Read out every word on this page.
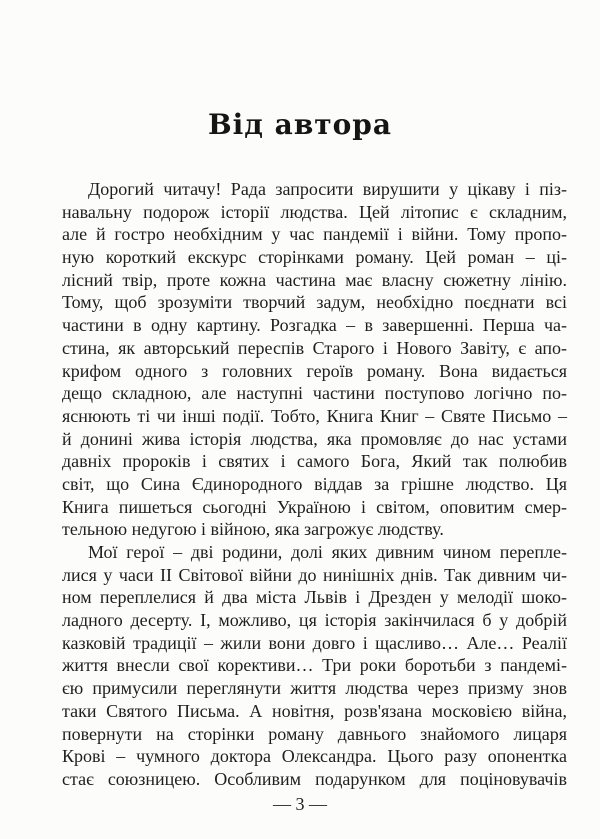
Від автора
Дорогий читачу! Рада запросити вирушити у цікаву і піз-
навальну подорож історії людства. Цей літопис є складним,
але й гостро необхідним у час пандемії і війни. Тому пропо-
ную короткий екскурс сторінками роману. Цей роман – ці-
лісний твір, проте кожна частина має власну сюжетну лінію.
Тому, щоб зрозуміти творчий задум, необхідно поєднати всі
частини в одну картину. Розгадка – в завершенні. Перша ча-
стина, як авторський переспів Старого і Нового Завіту, є апо-
крифом одного з головних героїв роману. Вона видається
дещо складною, але наступні частини поступово логічно по-
яснюють ті чи інші події. Тобто, Книга Книг – Святе Письмо –
й донині жива історія людства, яка промовляє до нас устами
давніх пророків і святих і самого Бога, Який так полюбив
світ, що Сина Єдинородного віддав за грішне людство. Ця
Книга пишеться сьогодні Україною і світом, оповитим смер-
тельною недугою і війною, яка загрожує людству.
Мої герої – дві родини, долі яких дивним чином перепле-
лися у часи ІІ Світової війни до нинішніх днів. Так дивним чи-
ном переплелися й два міста Львів і Дрезден у мелодії шоко-
ладного десерту. І, можливо, ця історія закінчилася б у добрій
казковій традиції – жили вони довго і щасливо… Але… Реалії
життя внесли свої корективи… Три роки боротьби з пандемі-
єю примусили переглянути життя людства через призму знов
таки Святого Письма. А новітня, розв'язана московією війна,
повернути на сторінки роману давнього знайомого лицаря
Крові – чумного доктора Олександра. Цього разу опонентка
стає союзницею. Особливим подарунком для поціновувачів
— 3 —
